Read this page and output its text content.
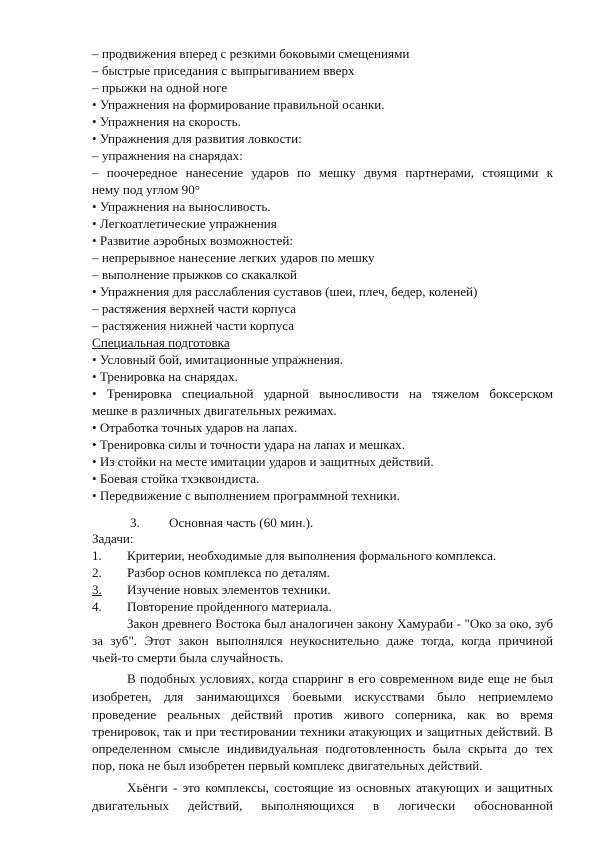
– продвижения вперед с резкими боковыми смещениями
– быстрые приседания с выпрыгиванием вверх
– прыжки на одной ноге
• Упражнения на формирование правильной осанки.
• Упражнения на скорость.
• Упражнения для развития ловкости:
– упражнения на снарядах:
– поочередное нанесение ударов по мешку двумя партнерами, стоящими к
нему под углом 90°
• Упражнения на выносливость.
• Легкоатлетические упражнения
• Развитие аэробных возможностей:
– непрерывное нанесение легких ударов по мешку
– выполнение прыжков со скакалкой
• Упражнения для расслабления суставов (шеи, плеч, бедер, коленей)
– растяжения верхней части корпуса
– растяжения нижней части корпуса
Специальная подготовка
• Условный бой, имитационные упражнения.
• Тренировка на снарядах.
• Тренировка специальной ударной выносливости на тяжелом боксерском
мешке в различных двигательных режимах.
• Отработка точных ударов на лапах.
• Тренировка силы и точности удара на лапах и мешках.
• Из стойки на месте имитации ударов и защитных действий.
• Боевая стойка тхэквондиста.
• Передвижение с выполнением программной техники.
3. Основная часть (60 мин.).
Задачи:
1. Критерии, необходимые для выполнения формального комплекса.
2. Разбор основ комплекса по деталям.
3.	Изучение новых элементов техники.
4. Повторение пройденного материала.
Закон древнего Востока был аналогичен закону Хамураби - "Око за око, зуб
за зуб". Этот закон выполнялся неукоснительно даже тогда, когда причиной
чьей-то смерти была случайность.
В подобных условиях, когда спарринг в его современном виде еще не был
изобретен, для занимающихся боевыми искусствами было неприемлемо
проведение реальных действий против живого соперника, как во время
тренировок, так и при тестировании техники атакующих и защитных действий. В
определенном смысле индивидуальная подготовленность была скрыта до тех
пор, пока не был изобретен первый комплекс двигательных действий.
Хьёнги - это комплексы, состоящие из основных атакующих и защитных
двигательных действий, выполняющихся в логически обоснованной
